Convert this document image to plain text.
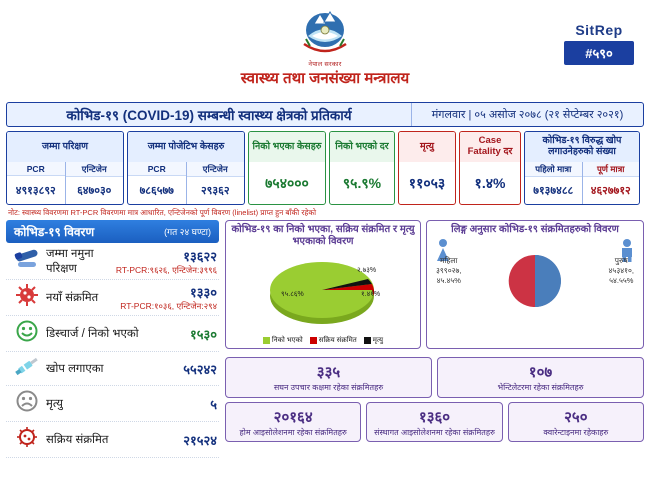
नेपाल सरकार
स्वास्थ्य तथा जनसंख्या मन्त्रालय
SitRep
#५९०
कोभिड-१९ (COVID-19) सम्बन्धी स्वास्थ्य क्षेत्रको प्रतिकार्य	मंगलवार | ०५ असोज २०७८ (२१ सेप्टेम्बर २०२१)
जम्मा परिक्षण
PCR
४९१३८९२
एन्टिजेन
६४७०३०
जम्मा पोजेटिभ केसहरु
PCR
७८६५७७
एन्टिजेन
२९३६२
निको भएका केसहरु
७५४०००
निको भएको दर
९५.९%
मृत्यु
११०५३
Case Fatality दर
१.४%
कोभिड-१९ विरुद्ध खोप लगाउनेहरुको संख्या
पहिलो मात्रा
७१३७४८८
पूर्ण मात्रा
४६२७७१२
नोट: स्वास्थ्य विवरणमा RT-PCR विवरणमा मात्र आधारित, एन्टिजेनको पूर्ण विवरण (linelist) प्राप्त हुन बाँकी रहेको
कोभिड-१९ विवरण	(गत २४ घण्टा)
जम्मा नमुना परिक्षण
१३६२२
RT-PCR:९६२६, एन्टिजेन:३९९६
नयाँ संक्रमित	१३३०
RT-PCR:१०३६, एन्टिजेन:२९४
डिस्चार्ज / निको भएको	१५३०
खोप लगाएका	५५२४२
मृत्यु	५
सक्रिय संक्रमित	२१५२४
कोभिड-१९ का निको भएका, सक्रिय संक्रमित र मृत्यु भएकाको विवरण
२.७३%
१.४१%
९५.८६%
निको भएको सक्रिय संक्रमित मृत्यु
लिङ्ग अनुसार कोभिड-१९ संक्रमितहरुको विवरण
महिला
३९९०२७,
४५.४५%
पुरुष
४५३४१०,
५४.५५%
३३५
सघन उपचार कक्षमा रहेका संक्रमितहरु
१०७
भेन्टिलेटरमा रहेका संक्रमितहरु
२०१६४
होम आइसोलेशनमा रहेका संक्रमितहरु
१३६०
संस्थागत आइसोलेशनमा रहेका संक्रमितहरु
२५०
क्वारेन्टाइनमा रहेकाहरु
